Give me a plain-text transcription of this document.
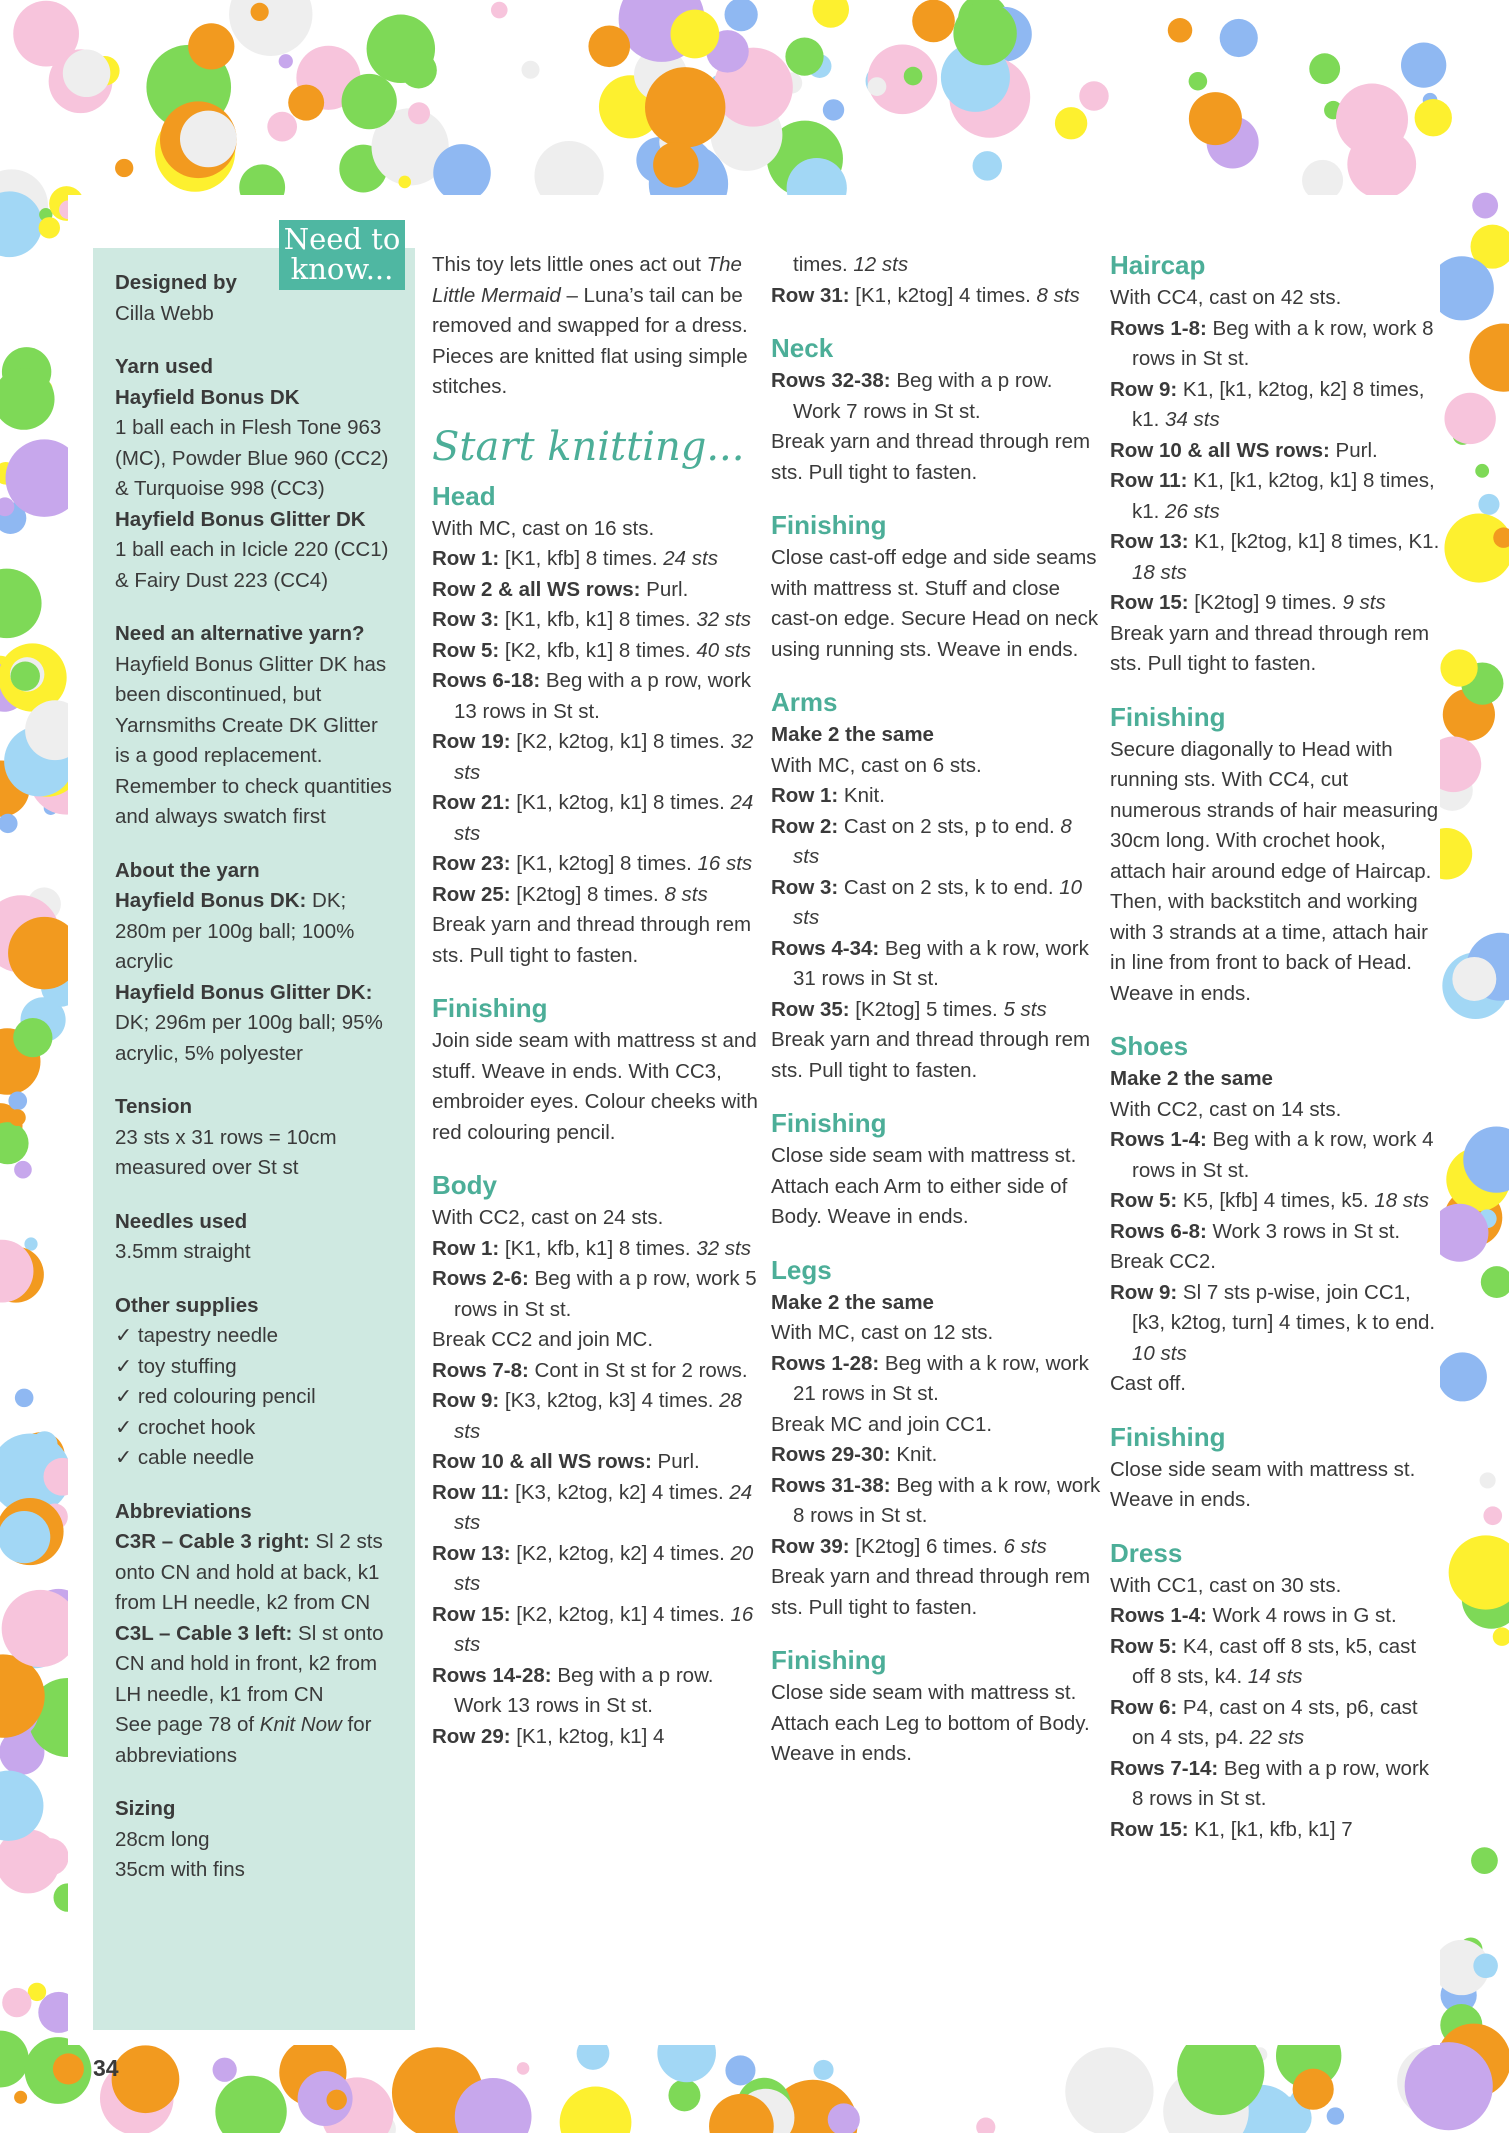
Designed by
Cilla Webb
Yarn used
Hayfield Bonus DK
1 ball each in Flesh Tone 963 (MC), Powder Blue 960 (CC2) & Turquoise 998 (CC3)
Hayfield Bonus Glitter DK
1 ball each in Icicle 220 (CC1) & Fairy Dust 223 (CC4)
Need an alternative yarn?
Hayfield Bonus Glitter DK has been discontinued, but Yarnsmiths Create DK Glitter is a good replacement. Remember to check quantities and always swatch first
About the yarn
Hayfield Bonus DK: DK; 280m per 100g ball; 100% acrylic
Hayfield Bonus Glitter DK: DK; 296m per 100g ball; 95% acrylic, 5% polyester
Tension
23 sts x 31 rows = 10cm measured over St st
Needles used
3.5mm straight
Other supplies
✓ tapestry needle
✓ toy stuffing
✓ red colouring pencil
✓ crochet hook
✓ cable needle
Abbreviations
C3R – Cable 3 right: Sl 2 sts onto CN and hold at back, k1 from LH needle, k2 from CN
C3L – Cable 3 left: Sl st onto CN and hold in front, k2 from LH needle, k1 from CN
See page 78 of Knit Now for abbreviations
Sizing
28cm long
35cm with fins
Need to
know...	This toy lets little ones act out The Little Mermaid – Luna’s tail can be removed and swapped for a dress. Pieces are knitted flat using simple stitches.

Start knitting...

Head

With MC, cast on 16 sts.

Row 1: [K1, kfb] 8 times. 24 sts

Row 2 & all WS rows: Purl.

Row 3: [K1, kfb, k1] 8 times. 32 sts

Row 5: [K2, kfb, k1] 8 times. 40 sts

Rows 6-18: Beg with a p row, work 13 rows in St st.

Row 19: [K2, k2tog, k1] 8 times. 32 sts

Row 21: [K1, k2tog, k1] 8 times. 24 sts

Row 23: [K1, k2tog] 8 times. 16 sts

Row 25: [K2tog] 8 times. 8 sts

Break yarn and thread through rem sts. Pull tight to fasten.

Finishing

Join side seam with mattress st and stuff. Weave in ends. With CC3, embroider eyes. Colour cheeks with red colouring pencil.

Body

With CC2, cast on 24 sts.

Row 1: [K1, kfb, k1] 8 times. 32 sts

Rows 2-6: Beg with a p row, work 5 rows in St st.

Break CC2 and join MC.

Rows 7-8: Cont in St st for 2 rows.

Row 9: [K3, k2tog, k3] 4 times. 28 sts

Row 10 & all WS rows: Purl.

Row 11: [K3, k2tog, k2] 4 times. 24 sts

Row 13: [K2, k2tog, k2] 4 times. 20 sts

Row 15: [K2, k2tog, k1] 4 times. 16 sts

Rows 14-28: Beg with a p row. Work 13 rows in St st.

Row 29: [K1, k2tog, k1] 4

times. 12 sts

Row 31: [K1, k2tog] 4 times. 8 sts

Neck

Rows 32-38: Beg with a p row. Work 7 rows in St st.

Break yarn and thread through rem sts. Pull tight to fasten.

Finishing

Close cast-off edge and side seams with mattress st. Stuff and close cast-on edge. Secure Head on neck using running sts. Weave in ends.

Arms

Make 2 the same

With MC, cast on 6 sts.

Row 1: Knit.

Row 2: Cast on 2 sts, p to end. 8 sts

Row 3: Cast on 2 sts, k to end. 10 sts

Rows 4-34: Beg with a k row, work 31 rows in St st.

Row 35: [K2tog] 5 times. 5 sts

Break yarn and thread through rem sts. Pull tight to fasten.

Finishing

Close side seam with mattress st. Attach each Arm to either side of Body. Weave in ends.

Legs

Make 2 the same

With MC, cast on 12 sts.

Rows 1-28: Beg with a k row, work 21 rows in St st.

Break MC and join CC1.

Rows 29-30: Knit.

Rows 31-38: Beg with a k row, work 8 rows in St st.

Row 39: [K2tog] 6 times. 6 sts

Break yarn and thread through rem sts. Pull tight to fasten.

Finishing

Close side seam with mattress st. Attach each Leg to bottom of Body. Weave in ends.

Haircap

With CC4, cast on 42 sts.

Rows 1-8: Beg with a k row, work 8 rows in St st.

Row 9: K1, [k1, k2tog, k2] 8 times, k1. 34 sts

Row 10 & all WS rows: Purl.

Row 11: K1, [k1, k2tog, k1] 8 times, k1. 26 sts

Row 13: K1, [k2tog, k1] 8 times, K1. 18 sts

Row 15: [K2tog] 9 times. 9 sts

Break yarn and thread through rem sts. Pull tight to fasten.

Finishing

Secure diagonally to Head with running sts. With CC4, cut numerous strands of hair measuring 30cm long. With crochet hook, attach hair around edge of Haircap. Then, with backstitch and working with 3 strands at a time, attach hair in line from front to back of Head. Weave in ends.

Shoes

Make 2 the same

With CC2, cast on 14 sts.

Rows 1-4: Beg with a k row, work 4 rows in St st.

Row 5: K5, [kfb] 4 times, k5. 18 sts

Rows 6-8: Work 3 rows in St st.

Break CC2.

Row 9: Sl 7 sts p-wise, join CC1, [k3, k2tog, turn] 4 times, k to end. 10 sts

Cast off.

Finishing

Close side seam with mattress st. Weave in ends.

Dress

With CC1, cast on 30 sts.

Rows 1-4: Work 4 rows in G st.

Row 5: K4, cast off 8 sts, k5, cast off 8 sts, k4. 14 sts

Row 6: P4, cast on 4 sts, p6, cast on 4 sts, p4. 22 sts

Rows 7-14: Beg with a p row, work 8 rows in St st.

Row 15: K1, [k1, kfb, k1] 7

34
